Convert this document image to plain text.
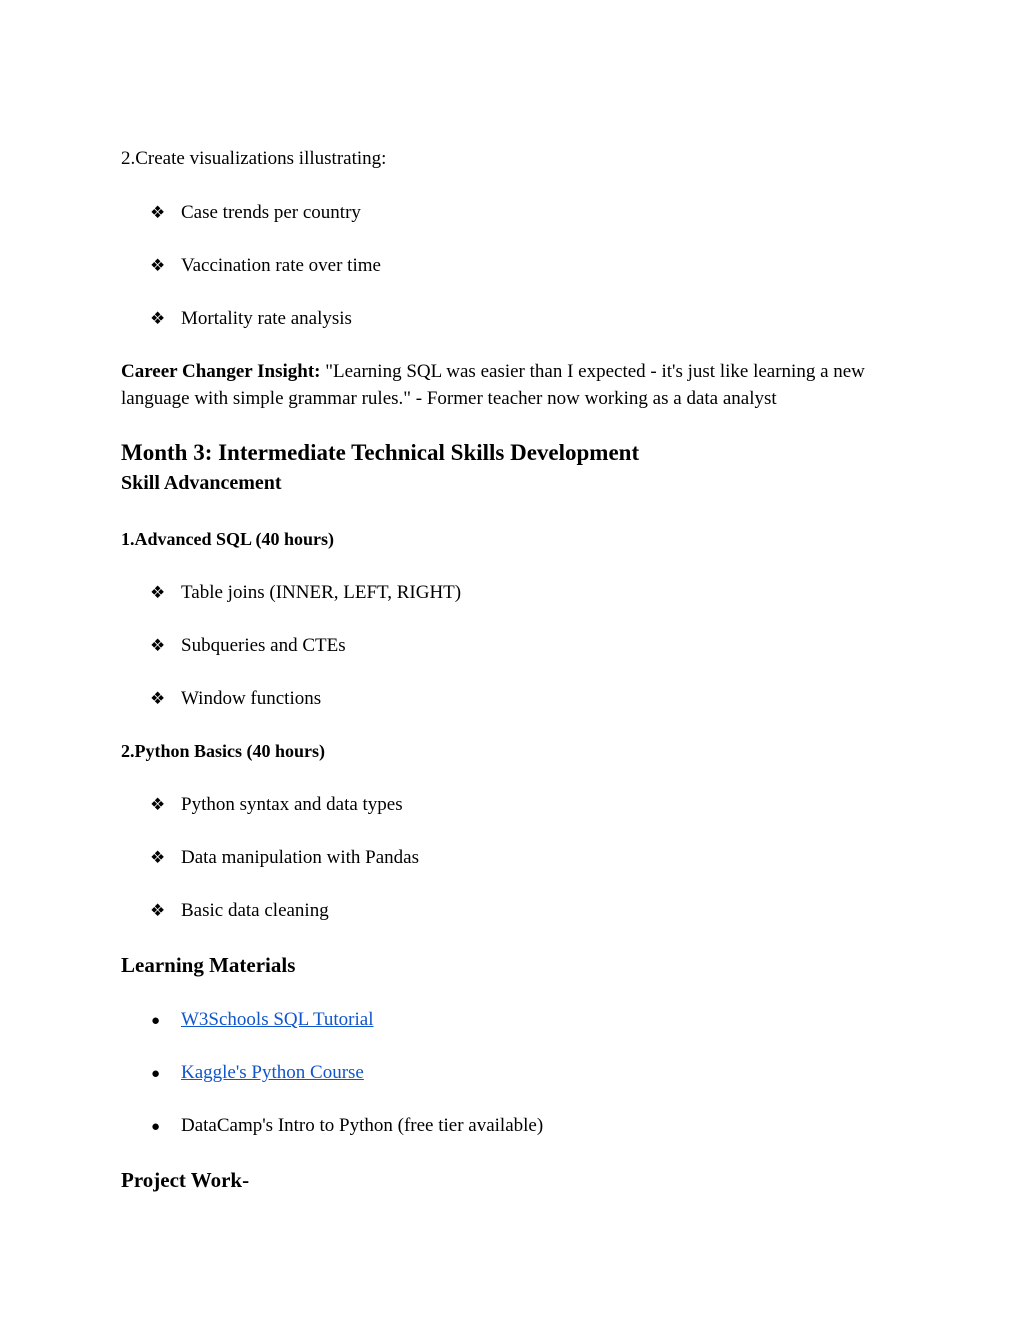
2.Create visualizations illustrating:
❖ Case trends per country
❖ Vaccination rate over time
❖ Mortality rate analysis
Career Changer Insight: "Learning SQL was easier than I expected - it's just like learning a new language with simple grammar rules." - Former teacher now working as a data analyst
Month 3: Intermediate Technical Skills Development
Skill Advancement
1.Advanced SQL (40 hours)
❖ Table joins (INNER, LEFT, RIGHT)
❖ Subqueries and CTEs
❖ Window functions
2.Python Basics (40 hours)
❖ Python syntax and data types
❖ Data manipulation with Pandas
❖ Basic data cleaning
Learning Materials
● W3Schools SQL Tutorial
● Kaggle's Python Course
● DataCamp's Intro to Python (free tier available)
Project Work-
